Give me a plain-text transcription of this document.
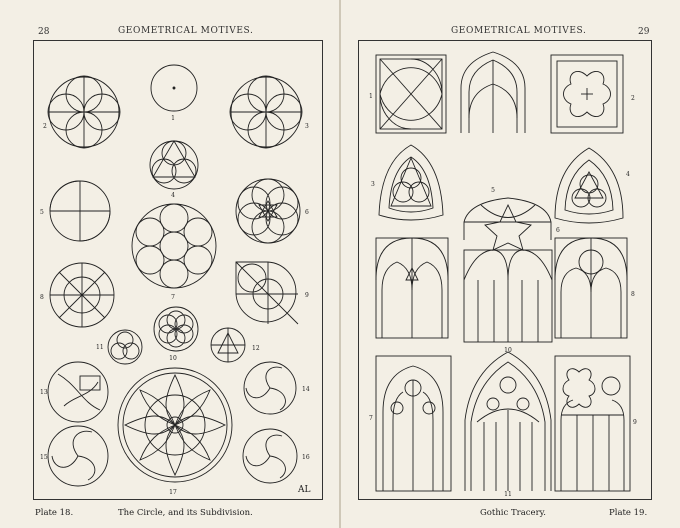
28	GEOMETRICAL MOTIVES.
1
2	3
4
5	6
7
8	9
10
11	12
13	14
15	16
17	AL
Plate 18.	The Circle, and its Subdivision.
GEOMETRICAL MOTIVES.	29
1	2
3
4
5
6
7
8
9
10
11
Gothic Tracery.	Plate 19.
